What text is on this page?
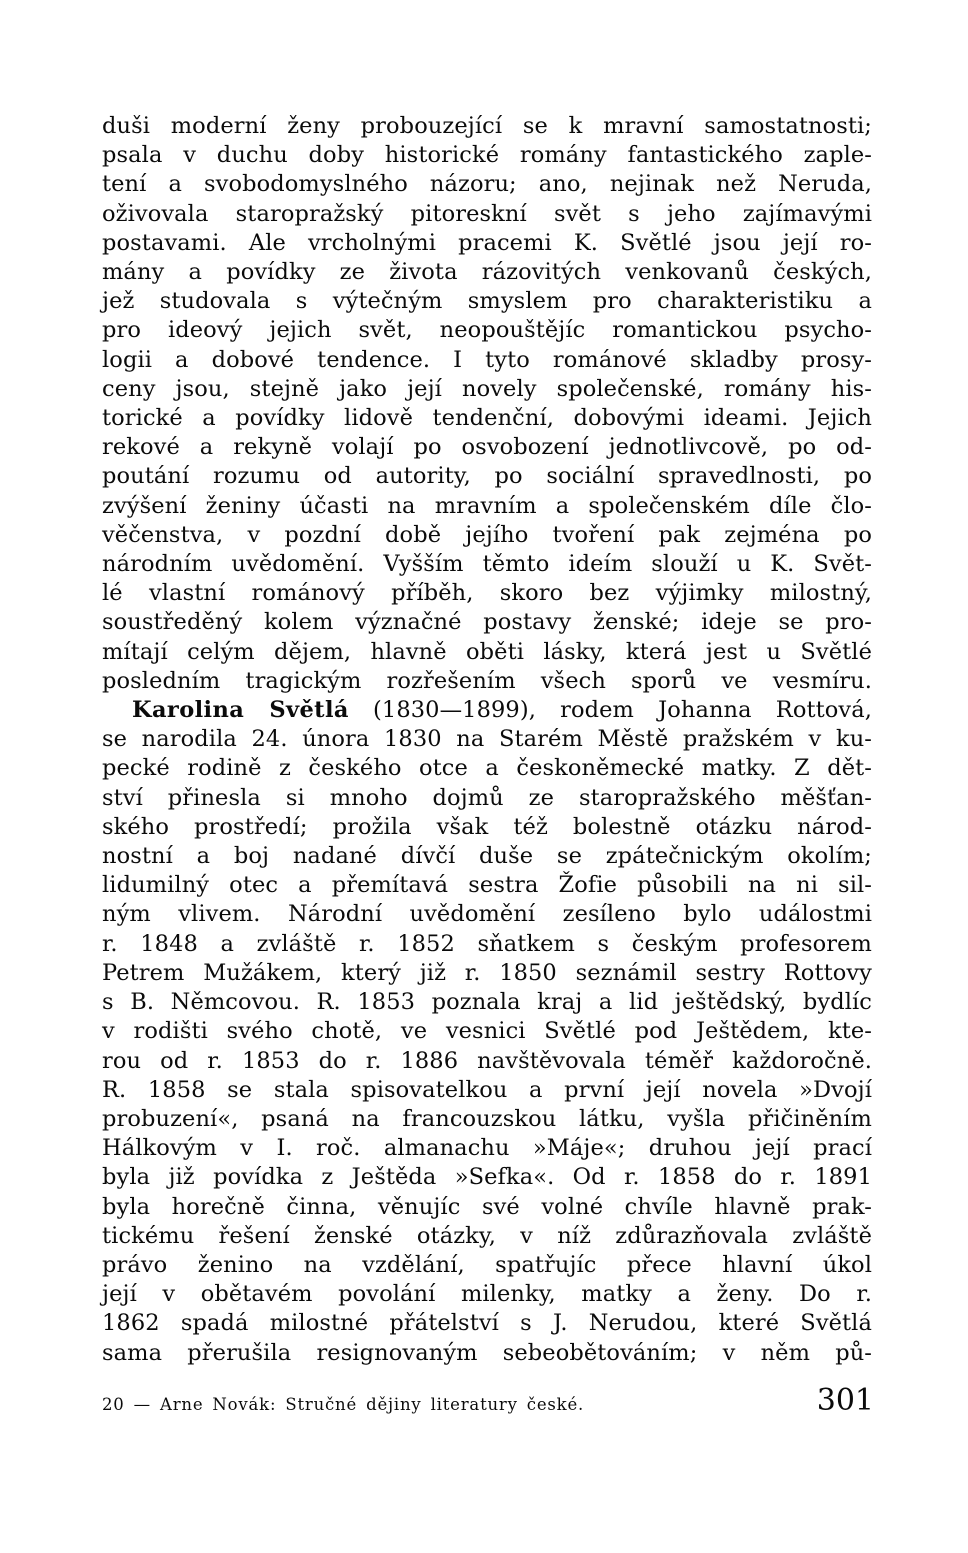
duši moderní ženy probouzející se k mravní samostatnosti;
psala v duchu doby historické romány fantastického zaple-
tení a svobodomyslného názoru; ano, nejinak než Neruda,
oživovala staropražský pitoreskní svět s jeho zajímavými
postavami. Ale vrcholnými pracemi K. Světlé jsou její ro-
mány a povídky ze života rázovitých venkovanů českých,
jež studovala s výtečným smyslem pro charakteristiku a
pro ideový jejich svět, neopouštějíc romantickou psycho-
logii a dobové tendence. I tyto románové skladby prosy-
ceny jsou, stejně jako její novely společenské, romány his-
torické a povídky lidově tendenční, dobovými ideami. Jejich
rekové a rekyně volají po osvobození jednotlivcově, po od-
poutání rozumu od autority, po sociální spravedlnosti, po
zvýšení ženiny účasti na mravním a společenském díle člo-
věčenstva, v pozdní době jejího tvoření pak zejména po
národním uvědomění. Vyšším těmto ideím slouží u K. Svět-
lé vlastní románový příběh, skoro bez výjimky milostný,
soustředěný kolem význačné postavy ženské; ideje se pro-
mítají celým dějem, hlavně oběti lásky, která jest u Světlé
posledním tragickým rozřešením všech sporů ve vesmíru.
Karolina Světlá (1830—1899), rodem Johanna Rottová,
se narodila 24. února 1830 na Starém Městě pražském v ku-
pecké rodině z českého otce a českoněmecké matky. Z dět-
ství přinesla si mnoho dojmů ze staropražského měšťan-
ského prostředí; prožila však též bolestně otázku národ-
nostní a boj nadané dívčí duše se zpátečnickým okolím;
lidumilný otec a přemítavá sestra Žofie působili na ni sil-
ným vlivem. Národní uvědomění zesíleno bylo událostmi
r. 1848 a zvláště r. 1852 sňatkem s českým profesorem
Petrem Mužákem, který již r. 1850 seznámil sestry Rottovy
s B. Němcovou. R. 1853 poznala kraj a lid ještědský, bydlíc
v rodišti svého chotě, ve vesnici Světlé pod Ještědem, kte-
rou od r. 1853 do r. 1886 navštěvovala téměř každoročně.
R. 1858 se stala spisovatelkou a první její novela »Dvojí
probuzení«, psaná na francouzskou látku, vyšla přičiněním
Hálkovým v I. roč. almanachu »Máje«; druhou její prací
byla již povídka z Ještěda »Sefka«. Od r. 1858 do r. 1891
byla horečně činna, věnujíc své volné chvíle hlavně prak-
tickému řešení ženské otázky, v níž zdůrazňovala zvláště
právo ženino na vzdělání, spatřujíc přece hlavní úkol
její v obětavém povolání milenky, matky a ženy. Do r.
1862 spadá milostné přátelství s J. Nerudou, které Světlá
sama přerušila resignovaným sebeobětováním; v něm pů-
20 — Arne Novák: Stručné dějiny literatury české.	301
